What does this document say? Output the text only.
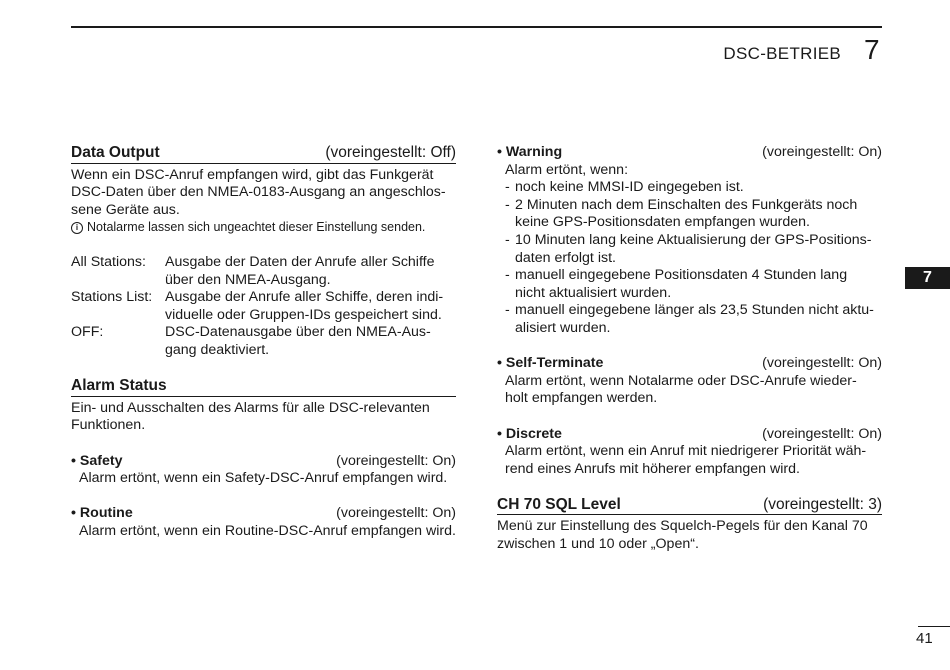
DSC-BETRIEB 7
7
41
Data Output	(voreingestellt: Off)
Wenn ein DSC-Anruf empfangen wird, gibt das Funkgerät
DSC-Daten über den NMEA-0183-Ausgang an angeschlos-
sene Geräte aus.
i Notalarme lassen sich ungeachtet dieser Einstellung senden.
All Stations:	Ausgabe der Daten der Anrufe aller Schiffe
über den NMEA-Ausgang.
Stations List: Ausgabe der Anrufe aller Schiffe, deren indi-
viduelle oder Gruppen-IDs gespeichert sind.
OFF:	DSC-Datenausgabe über den NMEA-Aus-
gang deaktiviert.
Alarm Status
Ein- und Ausschalten des Alarms für alle DSC-relevanten
Funktionen.
• Safety	(voreingestellt: On)
Alarm ertönt, wenn ein Safety-DSC-Anruf empfangen wird.
• Routine	(voreingestellt: On)
Alarm ertönt, wenn ein Routine-DSC-Anruf empfangen wird.
• Warning	(voreingestellt: On)
Alarm ertönt, wenn:
- noch keine MMSI-ID eingegeben ist.
- 2 Minuten nach dem Einschalten des Funkgeräts noch
keine GPS-Positionsdaten empfangen wurden.
- 10 Minuten lang keine Aktualisierung der GPS-Positions-
daten erfolgt ist.
- manuell eingegebene Positionsdaten 4 Stunden lang
nicht aktualisiert wurden.
- manuell eingegebene länger als 23,5 Stunden nicht aktu-
alisiert wurden.
• Self-Terminate	(voreingestellt: On)
Alarm ertönt, wenn Notalarme oder DSC-Anrufe wieder-
holt empfangen werden.
• Discrete	(voreingestellt: On)
Alarm ertönt, wenn ein Anruf mit niedrigerer Priorität wäh-
rend eines Anrufs mit höherer empfangen wird.
CH 70 SQL Level	(voreingestellt: 3)
Menü zur Einstellung des Squelch-Pegels für den Kanal 70
zwischen 1 und 10 oder „Open“.
